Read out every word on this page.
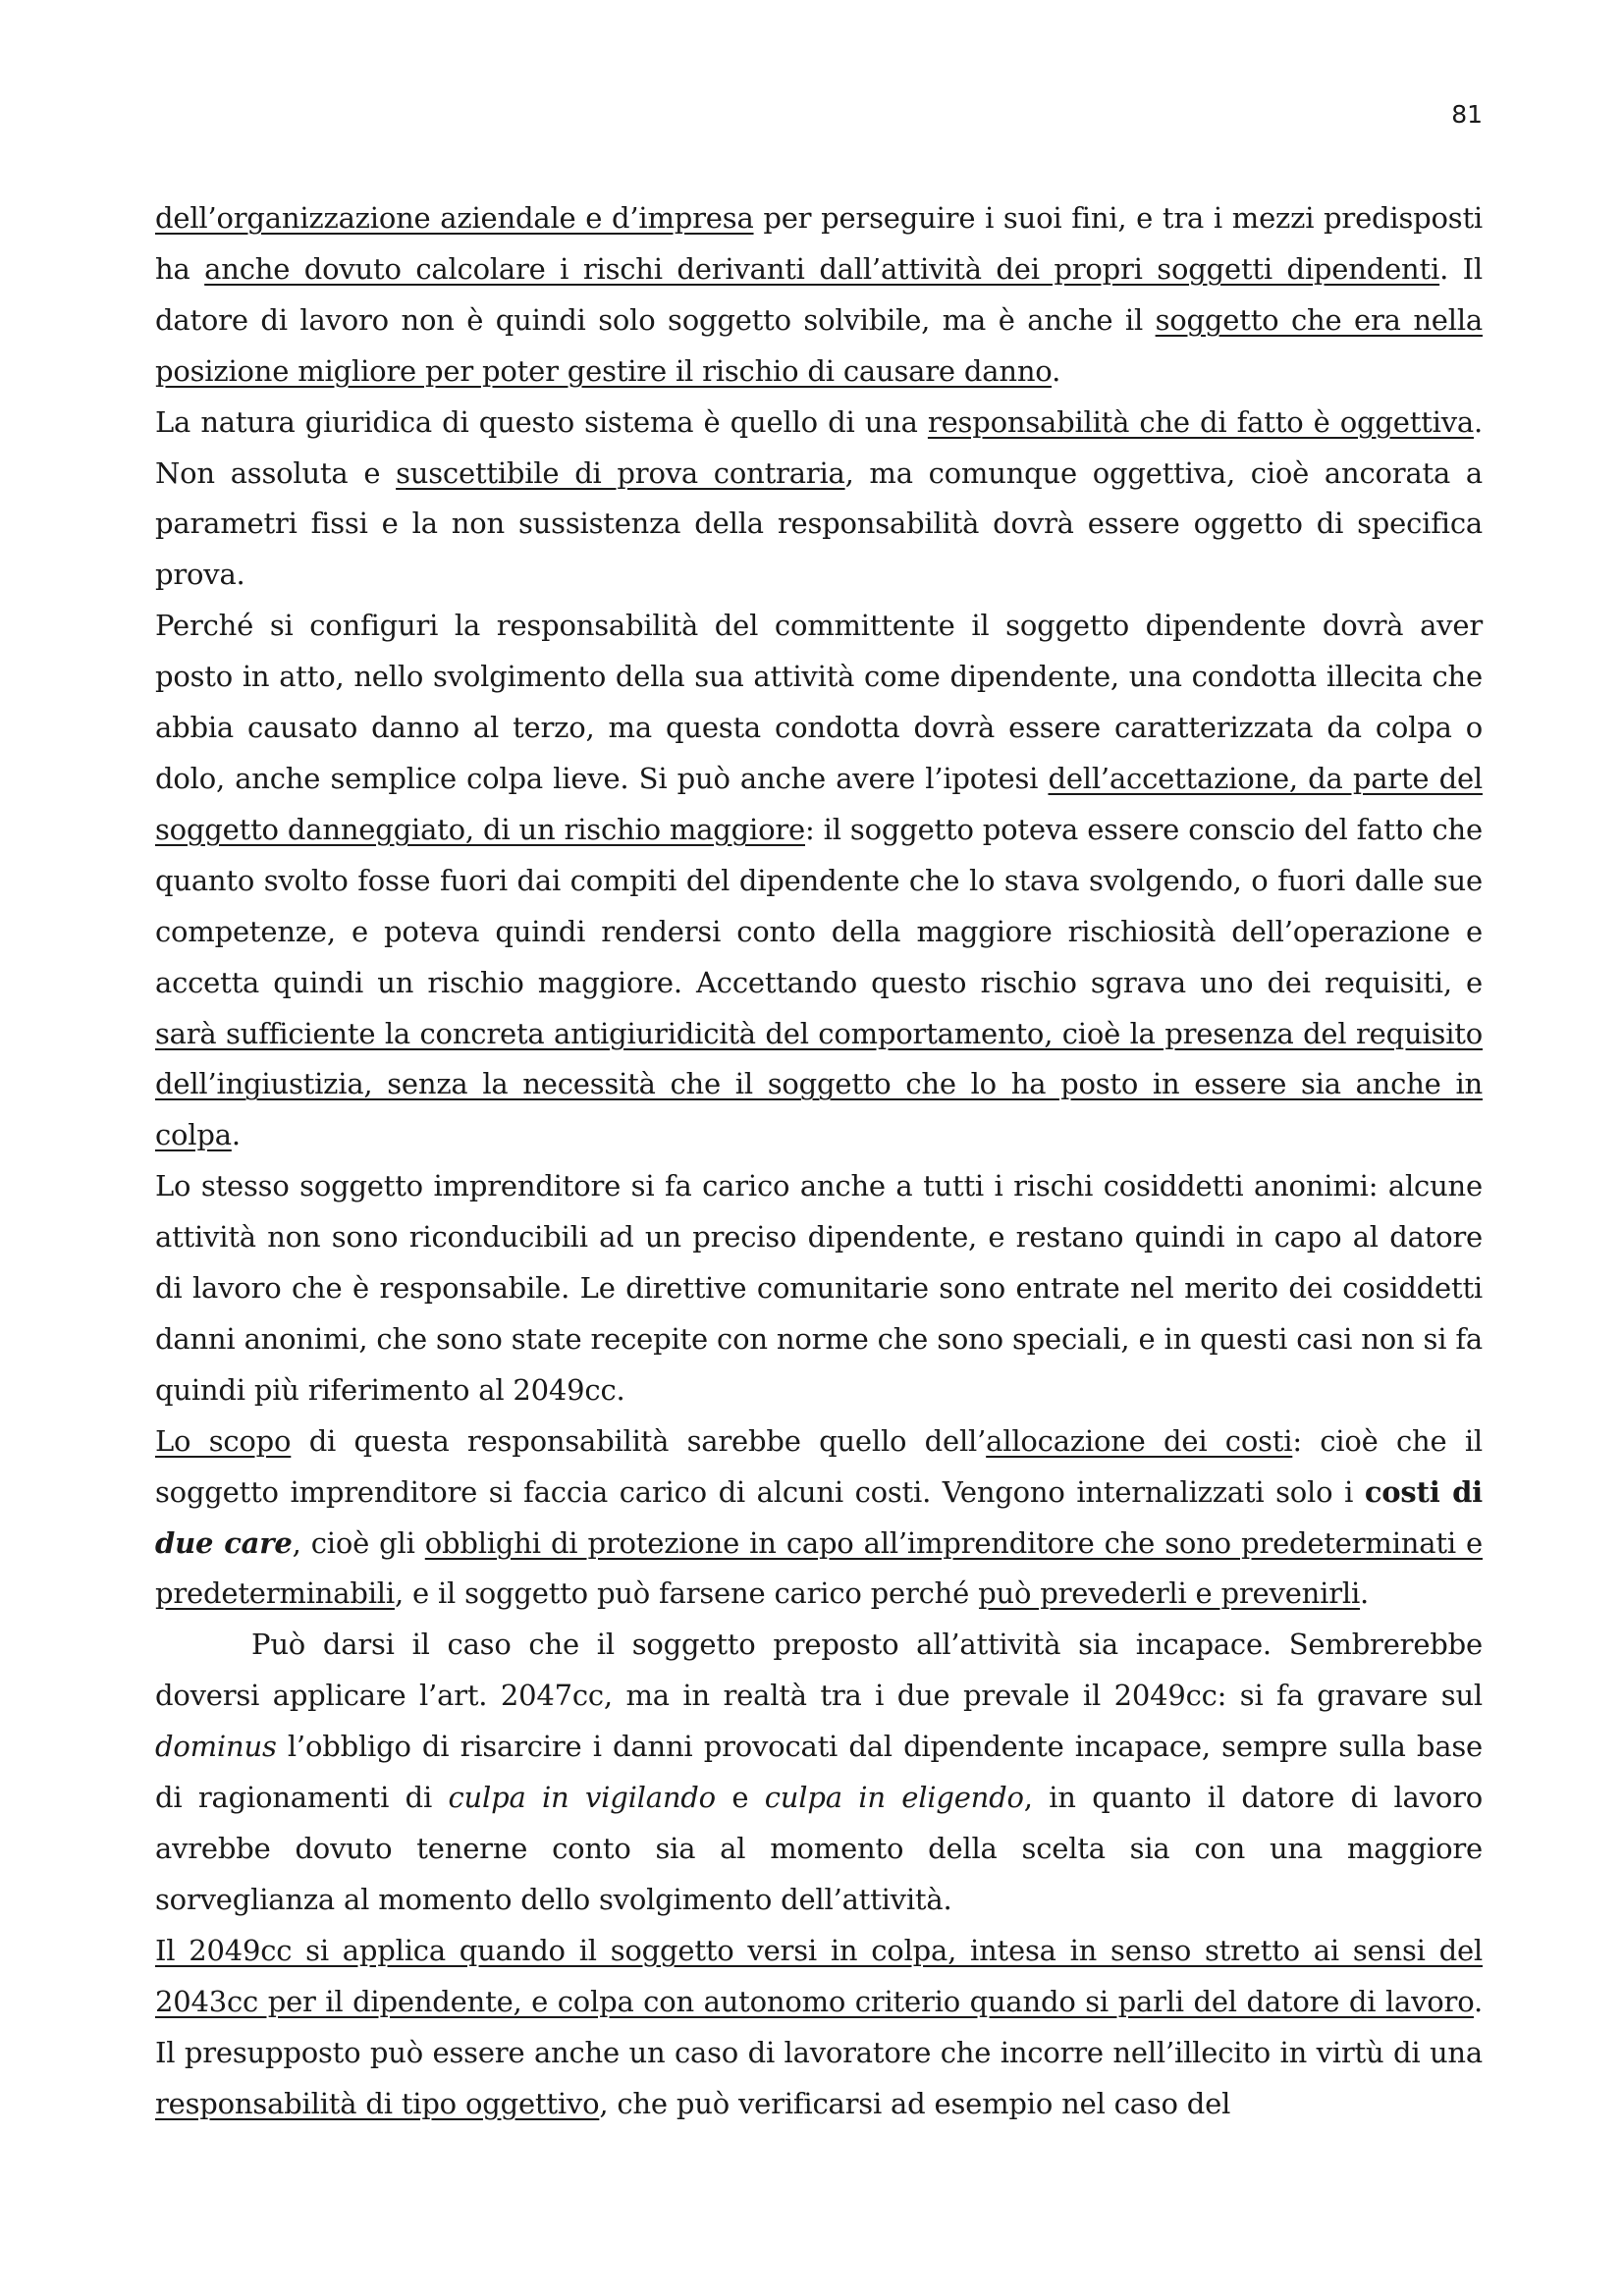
81

dell’organizzazione aziendale e d’impresa per perseguire i suoi fini, e tra i mezzi predisposti ha anche dovuto calcolare i rischi derivanti dall’attività dei propri soggetti dipendenti. Il datore di lavoro non è quindi solo soggetto solvibile, ma è anche il soggetto che era nella posizione migliore per poter gestire il rischio di causare danno.

La natura giuridica di questo sistema è quello di una responsabilità che di fatto è oggettiva. Non assoluta e suscettibile di prova contraria, ma comunque oggettiva, cioè ancorata a parametri fissi e la non sussistenza della responsabilità dovrà essere oggetto di specifica prova.

Perché si configuri la responsabilità del committente il soggetto dipendente dovrà aver posto in atto, nello svolgimento della sua attività come dipendente, una condotta illecita che abbia causato danno al terzo, ma questa condotta dovrà essere caratterizzata da colpa o dolo, anche semplice colpa lieve. Si può anche avere l’ipotesi dell’accettazione, da parte del soggetto danneggiato, di un rischio maggiore: il soggetto poteva essere conscio del fatto che quanto svolto fosse fuori dai compiti del dipendente che lo stava svolgendo, o fuori dalle sue competenze, e poteva quindi rendersi conto della maggiore rischiosità dell’operazione e accetta quindi un rischio maggiore. Accettando questo rischio sgrava uno dei requisiti, e sarà sufficiente la concreta antigiuridicità del comportamento, cioè la presenza del requisito dell’ingiustizia, senza la necessità che il soggetto che lo ha posto in essere sia anche in colpa.

Lo stesso soggetto imprenditore si fa carico anche a tutti i rischi cosiddetti anonimi: alcune attività non sono riconducibili ad un preciso dipendente, e restano quindi in capo al datore di lavoro che è responsabile. Le direttive comunitarie sono entrate nel merito dei cosiddetti danni anonimi, che sono state recepite con norme che sono speciali, e in questi casi non si fa quindi più riferimento al 2049cc.

Lo scopo di questa responsabilità sarebbe quello dell’allocazione dei costi: cioè che il soggetto imprenditore si faccia carico di alcuni costi. Vengono internalizzati solo i costi di due care, cioè gli obblighi di protezione in capo all’imprenditore che sono predeterminati e predeterminabili, e il soggetto può farsene carico perché può prevederli e prevenirli.

Può darsi il caso che il soggetto preposto all’attività sia incapace. Sembrerebbe doversi applicare l’art. 2047cc, ma in realtà tra i due prevale il 2049cc: si fa gravare sul dominus l’obbligo di risarcire i danni provocati dal dipendente incapace, sempre sulla base di ragionamenti di culpa in vigilando e culpa in eligendo, in quanto il datore di lavoro avrebbe dovuto tenerne conto sia al momento della scelta sia con una maggiore sorveglianza al momento dello svolgimento dell’attività.

Il 2049cc si applica quando il soggetto versi in colpa, intesa in senso stretto ai sensi del 2043cc per il dipendente, e colpa con autonomo criterio quando si parli del datore di lavoro. Il presupposto può essere anche un caso di lavoratore che incorre nell’illecito in virtù di una responsabilità di tipo oggettivo, che può verificarsi ad esempio nel caso del
